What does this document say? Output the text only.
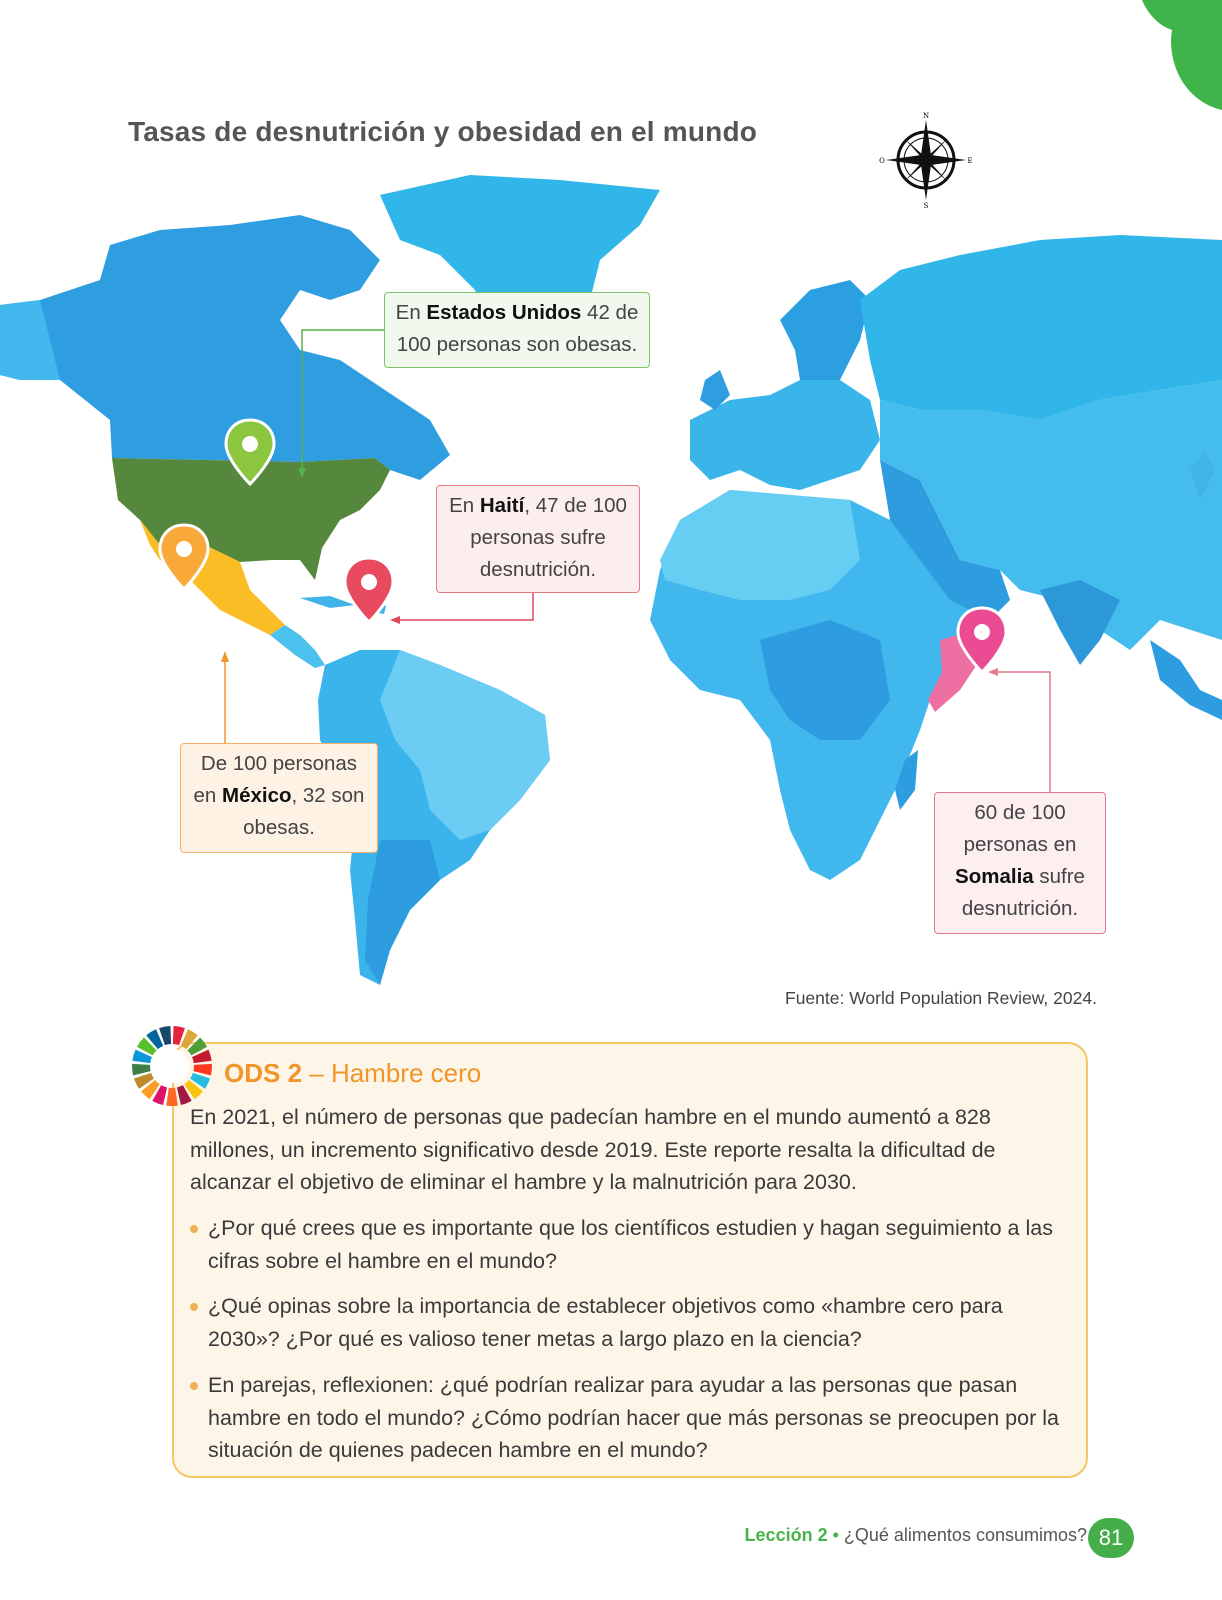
Tasas de desnutrición y obesidad en el mundo	N
S
E
O
En Estados Unidos 42 de 100 personas son obesas.
En Haití, 47 de 100 personas sufre desnutrición.
De 100 personas en México, 32 son obesas.
60 de 100 personas en Somalia sufre desnutrición.
Fuente: World Population Review, 2024.
ODS 2 – Hambre cero
En 2021, el número de personas que padecían hambre en el mundo aumentó a 828 millones, un incremento significativo desde 2019. Este reporte resalta la dificultad de alcanzar el objetivo de eliminar el hambre y la malnutrición para 2030.
¿Por qué crees que es importante que los científicos estudien y hagan seguimiento a las cifras sobre el hambre en el mundo?
¿Qué opinas sobre la importancia de establecer objetivos como «hambre cero para 2030»? ¿Por qué es valioso tener metas a largo plazo en la ciencia?
En parejas, reflexionen: ¿qué podrían realizar para ayudar a las personas que pasan hambre en todo el mundo? ¿Cómo podrían hacer que más personas se preocupen por la situación de quienes padecen hambre en el mundo?
Lección 2 • ¿Qué alimentos consumimos? 81
